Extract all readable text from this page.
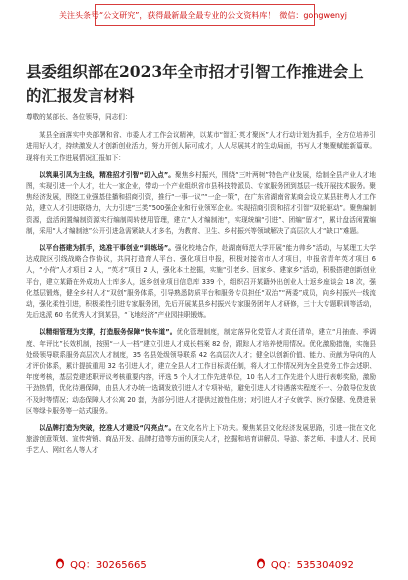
关注头条号“公文研究”，获得最新最全最专业的公文资料库！ 微信：gongwenyj
县委组织部在2023年全市招才引智工作推进会上的汇报发言材料

尊敬的某部长、各位领导，同志们：

某县全面落实中央部署和省、市委人才工作会议精神，以某市“智汇·英才聚医”人才行动计划为抓手，全方位培养引进用好人才，持续激发人才创新创业活力，努力开创人际可成才，人人尽展其才的生动局面，书写人才集聚赋能新篇章。现将有关工作进展情况汇报如下：

以筑巢引凤为主线，精准招才引智“切入点”。聚焦乡村振兴，围绕“三叶两树”特色产业发展，绘制全县产业人才地图，实现引进一个人才，壮大一家企业，带动一个产业组织省市县科技特派员、专家服务团到基层一线开展技术服务。聚焦经济发展，围绕工业强基佳播和招商引资，推行“一事一议”“一企一策”，在广东省湖南省某商会设立某县驻粤人才工作站，建立人才引进联络力，大力引进“三类”500强企业和行业领军企业。实现招商引资和招才引智“双轮驱动”。聚焦编制资源，盘活闲置编制资源实行编制周转使用管理，建立“人才编制池”，实现统编“引进”、团编“留才”，累计盘活闲置编制，采用“人才编制池”公开引进急需紧缺人才多名，为教育、卫生、乡村振兴等领域解决了高层次人才“缺口”难题。

以平台搭建为抓手，选准干事创业“训练场”。强化校地合作，赴湖南师范大学开展“能力帅乡”活动，与某理工大学达成院区引线战略合作协议，共同打造育人平台、强化项目申报，积极对接省市人才项目，申报省青年英才项目 6 人，“小荷”人才项目 2 人，“英才”项目 2 人，强化本土挖掘，实施“引老乡、回家乡、建家乡”活动，积极搭建创新创业平台，建立某籍在外成功人士库多人，返乡创业项目信息库 339 个，组织召开某籍外出创业人士返乡座谈会 18 次，强化基层锻炼，健全乡村人才“双创”服务体系，引导熟悉防质平台和服务专员担任“双治”“两委”成员，向乡村振兴一线流动，强化柔性引进，积极柔性引进专家服务团，先后开展某县乡村振兴专家服务团年人才研修，三十大专题职训等活动，先后选派 60 名优秀人才到某县，“飞地经济”产业园挂职锻炼。

以精细管理为支撑，打造服务保障“快车道”。优化管理制度，制定落异化党管人才责任清单，建立“月抽查、季调度、年评比”长效机制，按照“一人一档”建立引进人才成长档案 82 份，跟踪人才培养使用情况。优化激励措施，实施县处级领导联系服务高层次人才制度，35 名县处级领导联系 42 名高层次人才；健全以创新价值、能力、贡献为导向的人才评价体系，累计提拔重用 32 名引进人才，建立全县人才工作目标责任制，将人才工作情况列为全县党务工作会述职、年度考核，基层党建述职评议考核重要内容，评选 5 个人才工作先进单位，10 名人才工作先进个人进行表彰奖励，激励干劲热情，优化待遇保障，由县人才办统一选调发放引进人才专项补贴，避免引进人才待遇落实程度不一、分散导位发放不及时等情况；动态保障人才公寓 20 套，为部分引进人才提供过渡性住房；对引进人才子女就学、医疗保健、免费进景区等绿卡服务等一站式服务。

以品牌打造为突破，挖准人才建设“闪亮点”。在文化名片上下功夫。聚焦某县文化经济发展思路，引进一批在文化旅游创意策划、宣传营销、商品开发、品牌打造等方面的顶尖人才，挖掘和培育讲解员、导游、茶艺师、非遗人才、民间手艺人、网红名人等人才

QQ：30265665	QQ：535304092
